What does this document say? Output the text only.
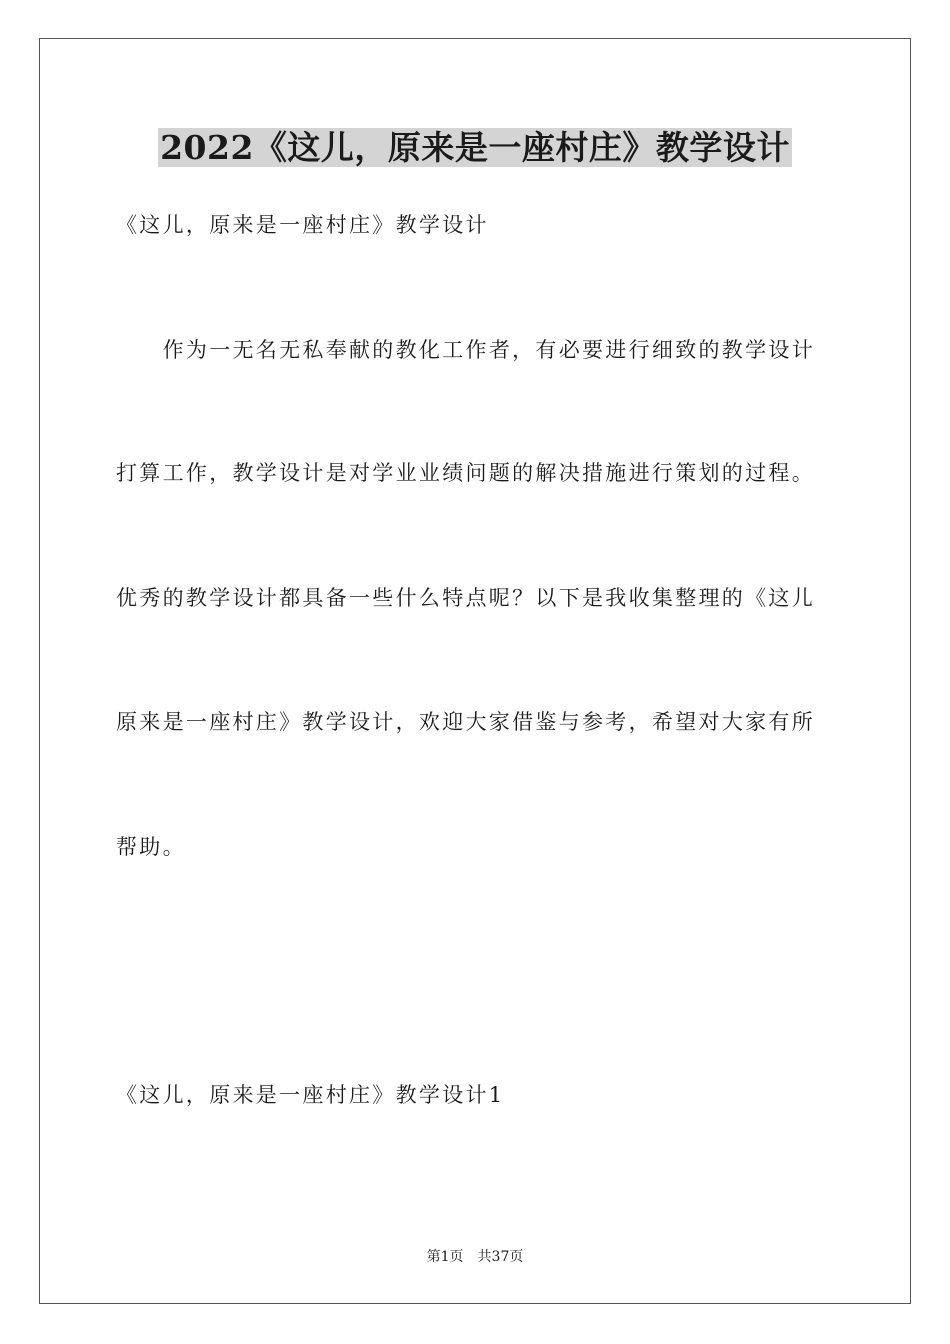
2022《这儿，原来是一座村庄》教学设计
《这儿，原来是一座村庄》教学设计
　　作为一无名无私奉献的教化工作者，有必要进行细致的教学设计
打算工作，教学设计是对学业业绩问题的解决措施进行策划的过程。
优秀的教学设计都具备一些什么特点呢？以下是我收集整理的《这儿
原来是一座村庄》教学设计，欢迎大家借鉴与参考，希望对大家有所
帮助。
《这儿，原来是一座村庄》教学设计1
第1页 共37页
